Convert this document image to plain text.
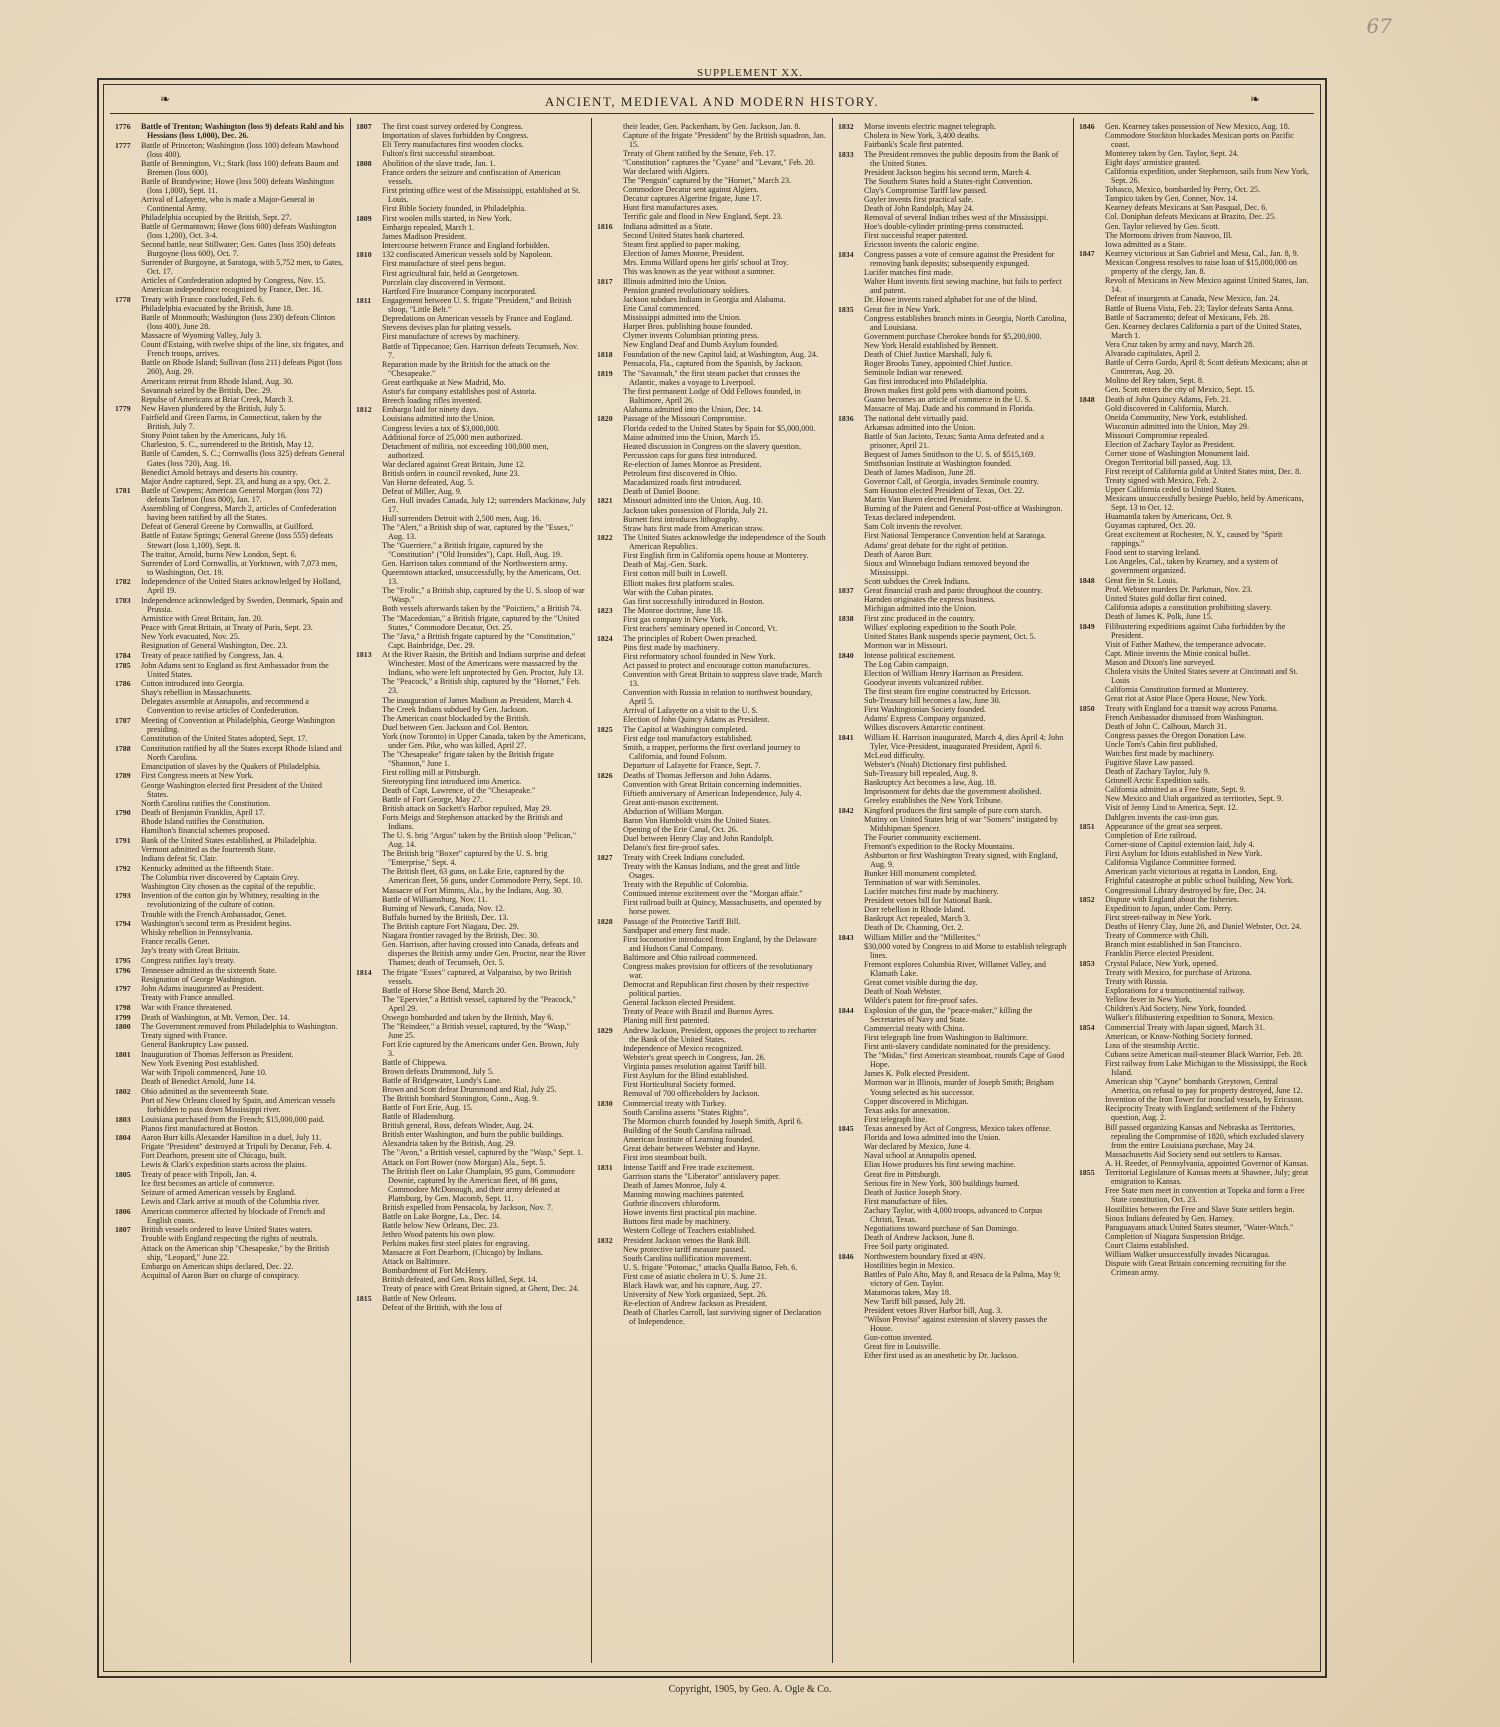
67
SUPPLEMENT XX.
❧	❧
ANCIENT, MEDIEVAL AND MODERN HISTORY.
1776	Battle of Trenton; Washington (loss 9) defeats Rahl and his Hessians (loss 1,000), Dec. 26.
1777	Battle of Princeton; Washington (loss 100) defeats Mawhood (loss 400).
Battle of Bennington, Vt.; Stark (loss 100) defeats Baum and Bremen (loss 600).
Battle of Brandywine; Howe (loss 500) defeats Washington (loss 1,000), Sept. 11.
Arrival of Lafayette, who is made a Major-General in Continental Army.
Philadelphia occupied by the British, Sept. 27.
Battle of Germantown; Howe (loss 600) defeats Washington (loss 1,200), Oct. 3-4.
Second battle, near Stillwater; Gen. Gates (loss 350) defeats Burgoyne (loss 600), Oct. 7.
Surrender of Burgoyne, at Saratoga, with 5,752 men, to Gates, Oct. 17.
Articles of Confederation adopted by Congress, Nov. 15.
American independence recognized by France, Dec. 16.
1778	Treaty with France concluded, Feb. 6.
Philadelphia evacuated by the British, June 18.
Battle of Monmouth; Washington (loss 230) defeats Clinton (loss 400), June 28.
Massacre of Wyoming Valley, July 3.
Count d'Estaing, with twelve ships of the line, six frigates, and French troops, arrives.
Battle on Rhode Island; Sullivan (loss 211) defeats Pigot (loss 260), Aug. 29.
Americans retreat from Rhode Island, Aug. 30.
Savannah seized by the British, Dec. 29.
Repulse of Americans at Briar Creek, March 3.
1779	New Haven plundered by the British, July 5.
Fairfield and Green Farms, in Connecticut, taken by the British, July 7.
Stony Point taken by the Americans, July 16.
Charleston, S. C., surrendered to the British, May 12.
Battle of Camden, S. C.; Cornwallis (loss 325) defeats General Gates (loss 720), Aug. 16.
Benedict Arnold betrays and deserts his country.
Major Andre captured, Sept. 23, and hung as a spy, Oct. 2.
1781	Battle of Cowpens; American General Morgan (loss 72) defeats Tarleton (loss 800), Jan. 17.
Assembling of Congress, March 2, articles of Confederation having been ratified by all the States.
Defeat of General Greene by Cornwallis, at Guilford.
Battle of Eutaw Springs; General Greene (loss 555) defeats Stewart (loss 1,100), Sept. 8.
The traitor, Arnold, burns New London, Sept. 6.
Surrender of Lord Cornwallis, at Yorktown, with 7,073 men, to Washington, Oct. 19.
1782	Independence of the United States acknowledged by Holland, April 19.
1783	Independence acknowledged by Sweden, Denmark, Spain and Prussia.
Armistice with Great Britain, Jan. 20.
Peace with Great Britain, at Treaty of Paris, Sept. 23.
New York evacuated, Nov. 25.
Resignation of General Washington, Dec. 23.
1784	Treaty of peace ratified by Congress, Jan. 4.
1785	John Adams sent to England as first Ambassador from the United States.
1786	Cotton introduced into Georgia.
Shay's rebellion in Massachusetts.
Delegates assemble at Annapolis, and recommend a Convention to revise articles of Confederation.
1787	Meeting of Convention at Philadelphia, George Washington presiding.
Constitution of the United States adopted, Sept. 17.
1788	Constitution ratified by all the States except Rhode Island and North Carolina.
Emancipation of slaves by the Quakers of Philadelphia.
1789	First Congress meets at New York.
George Washington elected first President of the United States.
North Carolina ratifies the Constitution.
1790	Death of Benjamin Franklin, April 17.
Rhode Island ratifies the Constitution.
Hamilton's financial schemes proposed.
1791	Bank of the United States established, at Philadelphia.
Vermont admitted as the fourteenth State.
Indians defeat St. Clair.
1792	Kentucky admitted as the fifteenth State.
The Columbia river discovered by Captain Grey.
Washington City chosen as the capital of the republic.
1793	Invention of the cotton gin by Whitney, resulting in the revolutionizing of the culture of cotton.
Trouble with the French Ambassador, Genet.
1794	Washington's second term as President begins.
Whisky rebellion in Pennsylvania.
France recalls Genet.
Jay's treaty with Great Britain.
1795	Congress ratifies Jay's treaty.
1796	Tennessee admitted as the sixteenth State.
Resignation of George Washington.
1797	John Adams inaugurated as President.
Treaty with France annulled.
1798	War with France threatened.
1799	Death of Washington, at Mt. Vernon, Dec. 14.
1800	The Government removed from Philadelphia to Washington.
Treaty signed with France.
General Bankruptcy Law passed.
1801	Inauguration of Thomas Jefferson as President.
New York Evening Post established.
War with Tripoli commenced, June 10.
Death of Benedict Arnold, June 14.
1802	Ohio admitted as the seventeenth State.
Port of New Orleans closed by Spain, and American vessels forbidden to pass down Mississippi river.
1803	Louisiana purchased from the French; $15,000,000 paid.
Pianos first manufactured at Boston.
1804	Aaron Burr kills Alexander Hamilton in a duel, July 11.
Frigate "President" destroyed at Tripoli by Decatur, Feb. 4.
Fort Dearborn, present site of Chicago, built.
Lewis & Clark's expedition starts across the plains.
1805	Treaty of peace with Tripoli, Jan. 4.
Ice first becomes an article of commerce.
Seizure of armed American vessels by England.
Lewis and Clark arrive at mouth of the Columbia river.
1806	American commerce affected by blockade of French and English coasts.
1807	British vessels ordered to leave United States waters.
Trouble with England respecting the rights of neutrals.
Attack on the American ship "Chesapeake," by the British ship, "Leopard," June 22.
Embargo on American ships declared, Dec. 22.
Acquittal of Aaron Burr on charge of conspiracy.
1807	The first coast survey ordered by Congress.
Importation of slaves forbidden by Congress.
Eli Terry manufactures first wooden clocks.
Fulton's first successful steamboat.
1808	Abolition of the slave trade, Jan. 1.
France orders the seizure and confiscation of American vessels.
First printing office west of the Mississippi, established at St. Louis.
First Bible Society founded, in Philadelphia.
1809	First woolen mills started, in New York.
Embargo repealed, March 1.
James Madison President.
Intercourse between France and England forbidden.
1810	132 confiscated American vessels sold by Napoleon.
First manufacture of steel pens begun.
First agricultural fair, held at Georgetown.
Porcelain clay discovered in Vermont.
Hartford Fire Insurance Company incorporated.
1811	Engagement between U. S. frigate "President," and British sloop, "Little Belt."
Depredations on American vessels by France and England.
Stevens devises plan for plating vessels.
First manufacture of screws by machinery.
Battle of Tippecanoe; Gen. Harrison defeats Tecumseh, Nov. 7.
Reparation made by the British for the attack on the "Chesapeake."
Great earthquake at New Madrid, Mo.
Astor's fur company establishes post of Astoria.
Breech loading rifles invented.
1812	Embargo laid for ninety days.
Louisiana admitted into the Union.
Congress levies a tax of $3,000,000.
Additional force of 25,000 men authorized.
Detachment of militia, not exceeding 100,000 men, authorized.
War declared against Great Britain, June 12.
British orders in council revoked, June 23.
Van Horne defeated, Aug. 5.
Defeat of Miller, Aug. 9.
Gen. Hull invades Canada, July 12; surrenders Mackinaw, July 17.
Hull surrenders Detroit with 2,500 men, Aug. 16.
The "Alert," a British ship of war, captured by the "Essex," Aug. 13.
The "Guerriere," a British frigate, captured by the "Constitution" ("Old Ironsides"), Capt. Hull, Aug. 19.
Gen. Harrison takes command of the Northwestern army.
Queenstown attacked, unsuccessfully, by the Americans, Oct. 13.
The "Frolic," a British ship, captured by the U. S. sloop of war "Wasp."
Both vessels afterwards taken by the "Poictiers," a British 74.
The "Macedonian," a British frigate, captured by the "United States," Commodore Decatur, Oct. 25.
The "Java," a British frigate captured by the "Constitution," Capt. Bainbridge, Dec. 29.
1813	At the River Raisin, the British and Indians surprise and defeat Winchester. Most of the Americans were massacred by the Indians, who were left unprotected by Gen. Proctor, July 13.
The "Peacock," a British ship, captured by the "Hornet," Feb. 23.
The inauguration of James Madison as President, March 4.
The Creek Indians subdued by Gen. Jackson.
The American coast blockaded by the British.
Duel between Gen. Jackson and Col. Benton.
York (now Toronto) in Upper Canada, taken by the Americans, under Gen. Pike, who was killed, April 27.
The "Chesapeake" frigate taken by the British frigate "Shannon," June 1.
First rolling mill at Pittsburgh.
Stereotyping first introduced into America.
Death of Capt. Lawrence, of the "Chesapeake."
Battle of Fort George, May 27.
British attack on Sackett's Harbor repulsed, May 29.
Forts Meigs and Stephenson attacked by the British and Indians.
The U. S. brig "Argus" taken by the British sloop "Pelican," Aug. 14.
The British brig "Boxer" captured by the U. S. brig "Enterprise," Sept. 4.
The British fleet, 63 guns, on Lake Erie, captured by the American fleet, 56 guns, under Commodore Perry, Sept. 10.
Massacre of Fort Mimms, Ala., by the Indians, Aug. 30.
Battle of Williamsburg, Nov. 11.
Burning of Newark, Canada, Nov. 12.
Buffalo burned by the British, Dec. 13.
The British capture Fort Niagara, Dec. 29.
Niagara frontier ravaged by the British, Dec. 30.
Gen. Harrison, after having crossed into Canada, defeats and disperses the British army under Gen. Proctor, near the River Thames; death of Tecumseh, Oct. 5.
1814	The frigate "Essex" captured, at Valparaiso, by two British vessels.
Battle of Horse Shoe Bend, March 20.
The "Epervier," a British vessel, captured by the "Peacock," April 29.
Oswego bombarded and taken by the British, May 6.
The "Reindeer," a British vessel, captured, by the "Wasp," June 25.
Fort Erie captured by the Americans under Gen. Brown, July 3.
Battle of Chippewa.
Brown defeats Drummond, July 5.
Battle of Bridgewater, Lundy's Lane.
Brown and Scott defeat Drummond and Rial, July 25.
The British bombard Stonington, Conn., Aug. 9.
Battle of Fort Erie, Aug. 15.
Battle of Bladensburg.
British general, Ross, defeats Winder, Aug. 24.
British enter Washington, and burn the public buildings.
Alexandria taken by the British, Aug. 29.
The "Avon," a British vessel, captured by the "Wasp," Sept. 1.
Attack on Fort Bower (now Morgan) Ala., Sept. 5.
The British fleet on Lake Champlain, 95 guns, Commodore Downie, captured by the American fleet, of 86 guns, Commodore McDonough, and their army defeated at Plattsburg, by Gen. Macomb, Sept. 11.
British expelled from Pensacola, by Jackson, Nov. 7.
Battle on Lake Borgne, La., Dec. 14.
Battle below New Orleans, Dec. 23.
Jethro Wood patents his own plow.
Perkins makes first steel plates for engraving.
Massacre at Fort Dearborn, (Chicago) by Indians.
Attack on Baltimore.
Bombardment of Fort McHenry.
British defeated, and Gen. Ross killed, Sept. 14.
Treaty of peace with Great Britain signed, at Ghent, Dec. 24.
1815	Battle of New Orleans.
Defeat of the British, with the loss of
their leader, Gen. Packenham, by Gen. Jackson, Jan. 8.
Capture of the frigate "President" by the British squadron, Jan. 15.
Treaty of Ghent ratified by the Senate, Feb. 17.
"Constitution" captures the "Cyane" and "Levant," Feb. 20.
War declared with Algiers.
The "Penguin" captured by the "Hornet," March 23.
Commodore Decatur sent against Algiers.
Decatur captures Algerine frigate, June 17.
Hunt first manufactures axes.
Terrific gale and flood in New England, Sept. 23.
1816	Indiana admitted as a State.
Second United States bank chartered.
Steam first applied to paper making.
Election of James Monroe, President.
Mrs. Emma Willard opens her girls' school at Troy.
This was known as the year without a summer.
1817	Illinois admitted into the Union.
Pension granted revolutionary soldiers.
Jackson subdues Indians in Georgia and Alabama.
Erie Canal commenced.
Mississippi admitted into the Union.
Harper Bros. publishing house founded.
Clymer invents Columbian printing press.
New England Deaf and Dumb Asylum founded.
1818	Foundation of the new Capitol laid, at Washington, Aug. 24.
Pensacola, Fla., captured from the Spanish, by Jackson.
1819	The "Savannah," the first steam packet that crosses the Atlantic, makes a voyage to Liverpool.
The first permanent Lodge of Odd Fellows founded, in Baltimore, April 26.
Alabama admitted into the Union, Dec. 14.
1820	Passage of the Missouri Compromise.
Florida ceded to the United States by Spain for $5,000,000.
Maine admitted into the Union, March 15.
Heated discussion in Congress on the slavery question.
Percussion caps for guns first introduced.
Re-election of James Monroe as President.
Petroleum first discovered in Ohio.
Macadamized roads first introduced.
Death of Daniel Boone.
1821	Missouri admitted into the Union, Aug. 10.
Jackson takes possession of Florida, July 21.
Burnett first introduces lithography.
Straw hats first made from American straw.
1822	The United States acknowledge the independence of the South American Republics.
First English firm in California opens house at Monterey.
Death of Maj.-Gen. Stark.
First cotton mill built in Lowell.
Elliott makes first platform scales.
War with the Cuban pirates.
Gas first successfully introduced in Boston.
1823	The Monroe doctrine, June 18.
First gas company in New York.
First teachers' seminary opened in Concord, Vt.
1824	The principles of Robert Owen preached.
Pins first made by machinery.
First reformatory school founded in New York.
Act passed to protect and encourage cotton manufactures.
Convention with Great Britain to suppress slave trade, March 13.
Convention with Russia in relation to northwest boundary, April 5.
Arrival of Lafayette on a visit to the U. S.
Election of John Quincy Adams as President.
1825	The Capitol at Washington completed.
First edge tool manufactory established.
Smith, a trapper, performs the first overland journey to California, and found Folsom.
Departure of Lafayette for France, Sept. 7.
1826	Deaths of Thomas Jefferson and John Adams.
Convention with Great Britain concerning indemnities.
Fiftieth anniversary of American Independence, July 4.
Great anti-mason excitement.
Abduction of William Morgan.
Baron Von Humboldt visits the United States.
Opening of the Erie Canal, Oct. 26.
Duel between Henry Clay and John Randolph.
Delano's first fire-proof safes.
1827	Treaty with Creek Indians concluded.
Treaty with the Kansas Indians, and the great and little Osages.
Treaty with the Republic of Colombia.
Continued intense excitement over the "Morgan affair."
First railroad built at Quincy, Massachusetts, and operated by horse power.
1828	Passage of the Protective Tariff Bill.
Sandpaper and emery first made.
First locomotive introduced from England, by the Delaware and Hudson Canal Company.
Baltimore and Ohio railroad commenced.
Congress makes provision for officers of the revolutionary war.
Democrat and Republican first chosen by their respective political parties.
General Jackson elected President.
Treaty of Peace with Brazil and Buenos Ayres.
Planing mill first patented.
1829	Andrew Jackson, President, opposes the project to recharter the Bank of the United States.
Independence of Mexico recognized.
Webster's great speech in Congress, Jan. 26.
Virginia passes resolution against Tariff bill.
First Asylum for the Blind established.
First Horticultural Society formed.
Removal of 700 officeholders by Jackson.
1830	Commercial treaty with Turkey.
South Carolina asserts "States Rights".
The Mormon church founded by Joseph Smith, April 6.
Building of the South Carolina railroad.
American Institute of Learning founded.
Great debate between Webster and Hayne.
First iron steamboat built.
1831	Intense Tariff and Free trade excitement.
Garrison starts the "Liberator" antislavery paper.
Death of James Monroe, July 4.
Manning mowing machines patented.
Guthrie discovers chloroform.
Howe invents first practical pin machine.
Buttons first made by machinery.
Western College of Teachers established.
1832	President Jackson vetoes the Bank Bill.
New protective tariff measure passed.
South Carolina nullification movement.
U. S. frigate "Potomac," attacks Qualla Batoo, Feb. 6.
First case of asiatic cholera in U. S. June 21.
Black Hawk war, and his capture, Aug. 27.
University of New York organized, Sept. 26.
Re-election of Andrew Jackson as President.
Death of Charles Carroll, last surviving signer of Declaration of Independence.
1832	Morse invents electric magnet telegraph.
Cholera in New York, 3,400 deaths.
Fairbank's Scale first patented.
1833	The President removes the public deposits from the Bank of the United States.
President Jackson begins his second term, March 4.
The Southern States hold a States-right Convention.
Clay's Compromise Tariff law passed.
Gayler invents first practical safe.
Death of John Randolph, May 24.
Removal of several Indian tribes west of the Mississippi.
Hoe's double-cylinder printing-press constructed.
First successful reaper patented.
Ericsson invents the caloric engine.
1834	Congress passes a vote of censure against the President for removing bank deposits; subsequently expunged.
Lucifer matches first made.
Walter Hunt invents first sewing machine, but fails to perfect and patent.
Dr. Howe invents raised alphabet for use of the blind.
1835	Great fire in New York.
Congress establishes branch mints in Georgia, North Carolina, and Louisiana.
Government purchase Cherokee bonds for $5,200,000.
New York Herald established by Bennett.
Death of Chief Justice Marshall, July 6.
Roger Brooks Taney, appointed Chief Justice.
Seminole Indian war renewed.
Gas first introduced into Philadelphia.
Brown makes first gold pens with diamond points.
Guano becomes an article of commerce in the U. S.
Massacre of Maj. Dade and his command in Florida.
1836	The national debt virtually paid.
Arkansas admitted into the Union.
Battle of San Jacinto, Texas; Santa Anna defeated and a prisoner, April 21.
Bequest of James Smithson to the U. S. of $515,169.
Smithsonian Institute at Washington founded.
Death of James Madison, June 28.
Governor Call, of Georgia, invades Seminole country.
Sam Houston elected President of Texas, Oct. 22.
Martin Van Buren elected President.
Burning of the Patent and General Post-office at Washington.
Texas declared independent.
Sam Colt invents the revolver.
First National Temperance Convention held at Saratoga.
Adams' great debate for the right of petition.
Death of Aaron Burr.
Sioux and Winnebago Indians removed beyond the Mississippi.
Scott subdues the Creek Indians.
1837	Great financial crash and panic throughout the country.
Harnden originates the express business.
Michigan admitted into the Union.
1838	First zinc produced in the country.
Wilkes' exploring expedition to the South Pole.
United States Bank suspends specie payment, Oct. 5.
Mormon war in Missouri.
1840	Intense political excitement.
The Log Cabin campaign.
Election of William Henry Harrison as President.
Goodyear invents vulcanized rubber.
The first steam fire engine constructed by Ericsson.
Sub-Treasury bill becomes a law, June 30.
First Washingtonian Society founded.
Adams' Express Company organized.
Wilkes discovers Antarctic continent.
1841	William H. Harrison inaugurated, March 4, dies April 4; John Tyler, Vice-President, inaugurated President, April 6.
McLeod difficulty.
Webster's (Noah) Dictionary first published.
Sub-Treasury bill repealed, Aug. 9.
Bankruptcy Act becomes a law, Aug. 18.
Imprisonment for debts due the government abolished.
Greeley establishes the New York Tribune.
1842	Kingford produces the first sample of pure corn starch.
Mutiny on United States brig of war "Somers" instigated by Midshipman Spencer.
The Fourier community excitement.
Fremont's expedition to the Rocky Mountains.
Ashburton or first Washington Treaty signed, with England, Aug. 9.
Bunker Hill monument completed.
Termination of war with Seminoles.
Lucifer matches first made by machinery.
President vetoes bill for National Bank.
Dorr rebellion in Rhode Island.
Bankrupt Act repealed, March 3.
Death of Dr. Channing, Oct. 2.
1843	William Miller and the "Millerites."
$30,000 voted by Congress to aid Morse to establish telegraph lines.
Fremont explores Columbia River, Willamet Valley, and Klamath Lake.
Great comet visible during the day.
Death of Noah Webster.
Wilder's patent for fire-proof safes.
1844	Explosion of the gun, the "peace-maker," killing the Secretaries of Navy and State.
Commercial treaty with China.
First telegraph line from Washington to Baltimore.
First anti-slavery candidate nominated for the presidency.
The "Midas," first American steamboat, rounds Cape of Good Hope.
James K. Polk elected President.
Mormon war in Illinois, murder of Joseph Smith; Brigham Young selected as his successor.
Copper discovered in Michigan.
Texas asks for annexation.
First telegraph line.
1845	Texas annexed by Act of Congress, Mexico takes offense.
Florida and Iowa admitted into the Union.
War declared by Mexico, June 4.
Naval school at Annapolis opened.
Elias Howe produces his first sewing machine.
Great fire in Pittsburgh.
Serious fire in New York, 300 buildings burned.
Death of Justice Joseph Story.
First manufacture of files.
Zachary Taylor, with 4,000 troops, advanced to Corpus Christi, Texas.
Negotiations toward purchase of San Domingo.
Death of Andrew Jackson, June 8.
Free Soil party originated.
1846	Northwestern boundary fixed at 49N.
Hostilities begin in Mexico.
Battles of Palo Alto, May 8, and Resaca de la Palma, May 9; victory of Gen. Taylor.
Matamoras taken, May 18.
New Tariff bill passed, July 28.
President vetoes River Harbor bill, Aug. 3.
"Wilson Proviso" against extension of slavery passes the House.
Gun-cotton invented.
Great fire in Louisville.
Ether first used as an anesthetic by Dr. Jackson.
1846	Gen. Kearney takes possession of New Mexico, Aug. 18.
Commodore Stockton blockades Mexican ports on Pacific coast.
Monterey taken by Gen. Taylor, Sept. 24.
Eight days' armistice granted.
California expedition, under Stephenson, sails from New York, Sept. 26.
Tobasco, Mexico, bombarded by Perry, Oct. 25.
Tampico taken by Gen. Conner, Nov. 14.
Kearney defeats Mexicans at San Pasqual, Dec. 6.
Col. Doniphan defeats Mexicans at Brazito, Dec. 25.
Gen. Taylor relieved by Gen. Scott.
The Mormons driven from Nauvoo, Ill.
Iowa admitted as a State.
1847	Kearney victorious at San Gabriel and Mesa, Cal., Jan. 8, 9.
Mexican Congress resolves to raise loan of $15,000,000 on property of the clergy, Jan. 8.
Revolt of Mexicans in New Mexico against United States, Jan. 14.
Defeat of insurgents at Canada, New Mexico, Jan. 24.
Battle of Buena Vista, Feb. 23; Taylor defeats Santa Anna.
Battle of Sacramento; defeat of Mexicans, Feb. 28.
Gen. Kearney declares California a part of the United States, March 1.
Vera Cruz taken by army and navy, March 28.
Alvarado capitulates, April 2.
Battle of Cerro Gordo, April 8; Scott defeats Mexicans; also at Contreras, Aug. 20.
Molino del Rey taken, Sept. 8.
Gen. Scott enters the city of Mexico, Sept. 15.
1848	Death of John Quincy Adams, Feb. 21.
Gold discovered in California, March.
Oneida Community, New York, established.
Wisconsin admitted into the Union, May 29.
Missouri Compromise repealed.
Election of Zachary Taylor as President.
Corner stone of Washington Monument laid.
Oregon Territorial bill passed, Aug. 13.
First receipt of California gold at United States mint, Dec. 8.
Treaty signed with Mexico, Feb. 2.
Upper California ceded to United States.
Mexicans unsuccessfully besiege Pueblo, held by Americans, Sept. 13 to Oct. 12.
Huamantla taken by Americans, Oct. 9.
Guyamas captured, Oct. 20.
Great excitement at Rochester, N. Y., caused by "Spirit rappings."
Food sent to starving Ireland.
Los Angeles, Cal., taken by Kearney, and a system of government organized.
1848	Great fire in St. Louis.
Prof. Webster murders Dr. Parkman, Nov. 23.
United States gold dollar first coined.
California adopts a constitution prohibiting slavery.
Death of James K. Polk, June 15.
1849	Filibustering expeditions against Cuba forbidden by the President.
Visit of Father Mathew, the temperance advocate.
Capt. Minie invents the Minie conical bullet.
Mason and Dixon's line surveyed.
Cholera visits the United States severe at Cincinnati and St. Louis
California Constitution formed at Monterey.
Great riot at Astor Place Opera House, New York.
1850	Treaty with England for a transit way across Panama.
French Ambassador dismissed from Washington.
Death of John C. Calhoun, March 31.
Congress passes the Oregon Donation Law.
Uncle Tom's Cabin first published.
Watches first made by machinery.
Fugitive Slave Law passed.
Death of Zachary Taylor, July 9.
Grinnell Arctic Expedition sails.
California admitted as a Free State, Sept. 9.
New Mexico and Utah organized as territories, Sept. 9.
Visit of Jenny Lind to America, Sept. 12.
Dahlgren invents the cast-iron gun.
1851	Appearance of the great sea serpent.
Completion of Erie railroad.
Corner-stone of Capitol extension laid, July 4.
First Asylum for Idiots established in New York.
California Vigilance Committee formed.
American yacht victorious at regatta in London, Eng.
Frightful catastrophe at public school building, New York.
Congressional Library destroyed by fire, Dec. 24.
1852	Dispute with England about the fisheries.
Expedition to Japan, under Com. Perry.
First street-railway in New York.
Deaths of Henry Clay, June 26, and Daniel Webster, Oct. 24.
Treaty of Commerce with Chili.
Branch mint established in San Francisco.
Franklin Pierce elected President.
1853	Crystal Palace, New York, opened.
Treaty with Mexico, for purchase of Arizona.
Treaty with Russia.
Explorations for a transcontinental railway.
Yellow fever in New York.
Children's Aid Society, New York, founded.
Walker's filibustering expedition to Sonora, Mexico.
1854	Commercial Treaty with Japan signed, March 31.
American, or Know-Nothing Society formed.
Loss of the steamship Arctic.
Cubans seize American mail-steamer Black Warrior, Feb. 28.
First railway from Lake Michigan to the Mississippi, the Rock Island.
American ship "Cayne" bombards Greytown, Central America, on refusal to pay for property destroyed, June 12.
Invention of the Iron Tower for ironclad vessels, by Ericsson.
Reciprocity Treaty with England; settlement of the Fishery question, Aug. 2.
Bill passed organizing Kansas and Nebraska as Territories, repealing the Compromise of 1820, which excluded slavery from the entire Louisiana purchase, May 24.
Massachusetts Aid Society send out settlers to Kansas.
A. H. Reeder, of Pennsylvania, appointed Governor of Kansas.
1855	Territorial Legislature of Kansas meets at Shawnee, July; great emigration to Kansas.
Free State men meet in convention at Topeka and form a Free State constitution, Oct. 23.
Hostilities between the Free and Slave State settlers begin.
Sioux Indians defeated by Gen. Harney.
Paraguayans attack United States steamer, "Water-Witch."
Completion of Niagara Suspension Bridge.
Court Claims established.
William Walker unsuccessfully invades Nicaragua.
Dispute with Great Britain concerning recruiting for the Crimean army.
Copyright, 1905, by Geo. A. Ogle & Co.
